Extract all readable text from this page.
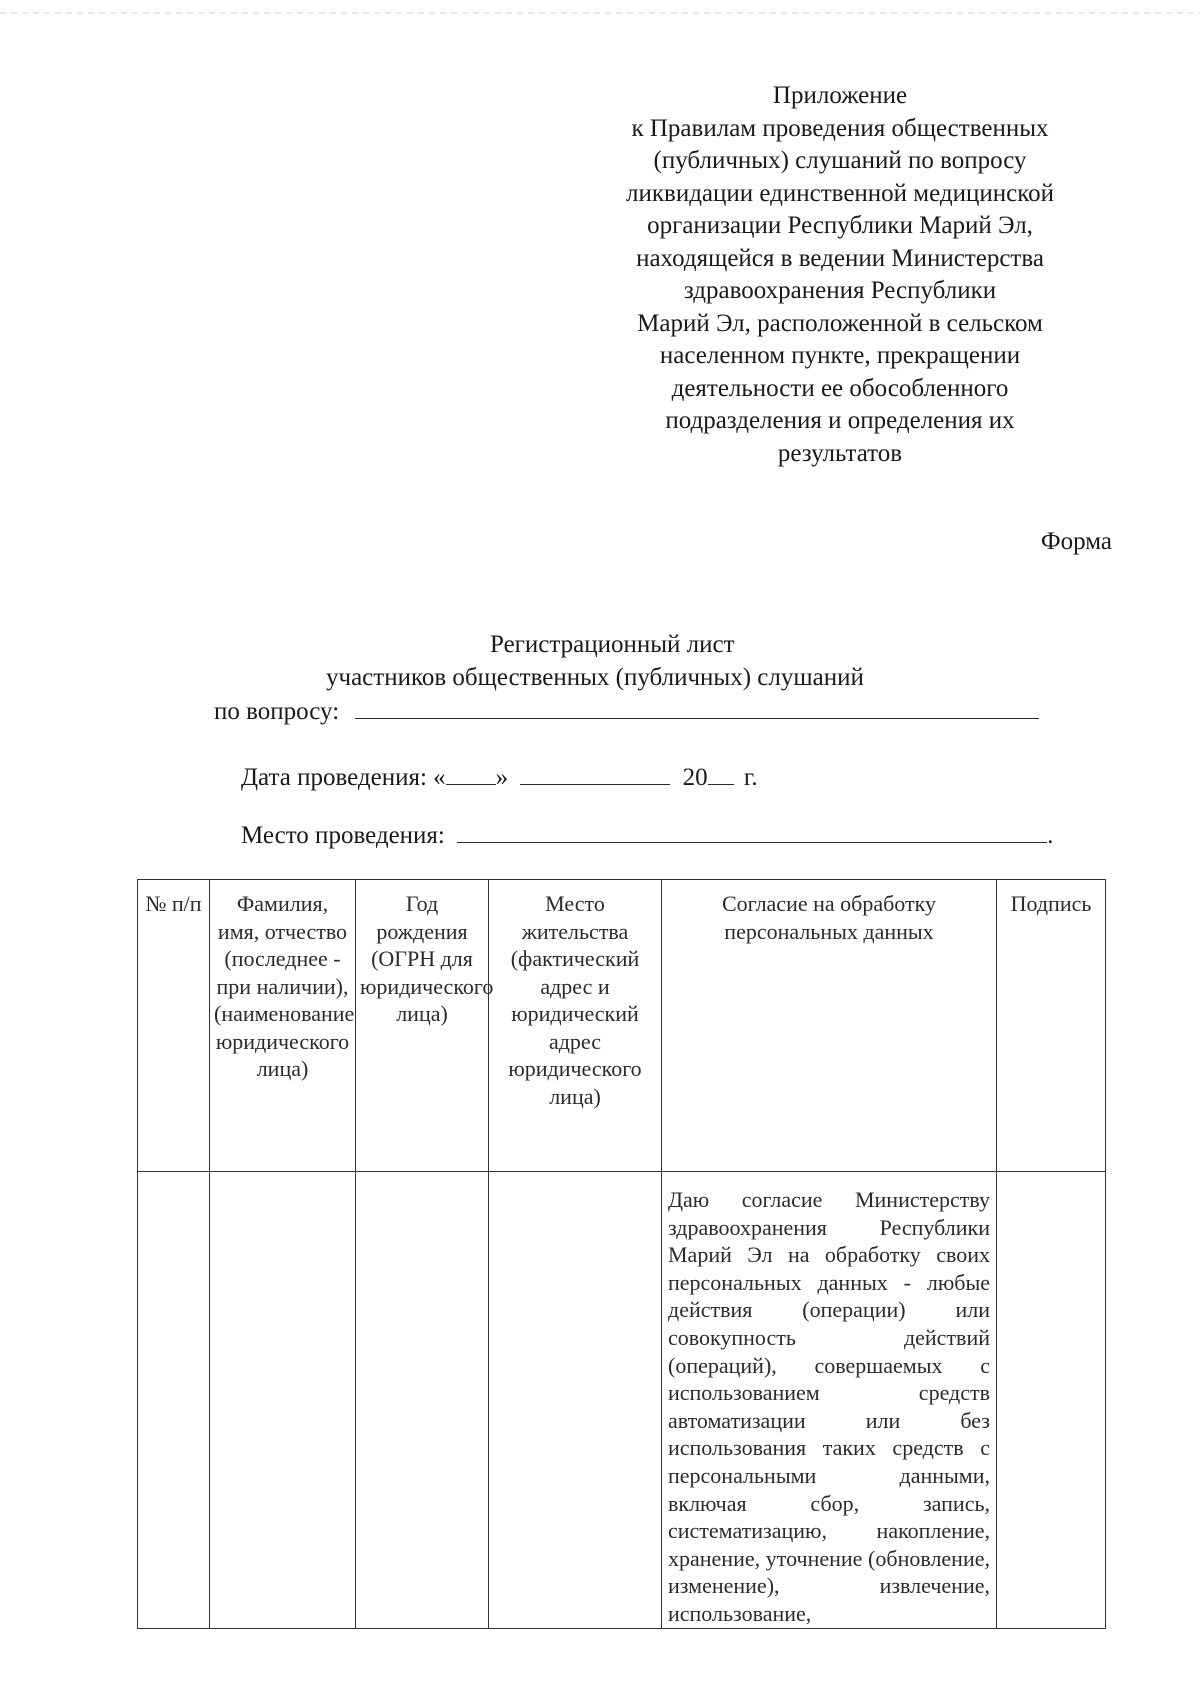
Приложение
к Правилам проведения общественных
(публичных) слушаний по вопросу
ликвидации единственной медицинской
организации Республики Марий Эл,
находящейся в ведении Министерства
здравоохранения Республики
Марий Эл, расположенной в сельском
населенном пункте, прекращении
деятельности ее обособленного
подразделения и определения их
результатов
Форма
Регистрационный лист
участников общественных (публичных) слушаний
по вопросу:
Дата проведения: « »	20 г.
Место проведения:	.
№ п/п	Фамилия, имя, отчество (последнее - при наличии), (наименование юридического лица)	Год рождения (ОГРН для юридического лица)	Место жительства (фактический адрес и юридический адрес юридического лица)	Согласие на обработку персональных данных	Подпись
				Даю согласие Министерству здравоохранения Республики Марий Эл на обработку своих персональных данных - любые действия (операции) или совокупность действий (операций), совершаемых с использованием средств автоматизации или без использования таких средств с персональными данными, включая сбор, запись, систематизацию, накопление, хранение, уточнение (обновление, изменение), извлечение, использование,	
